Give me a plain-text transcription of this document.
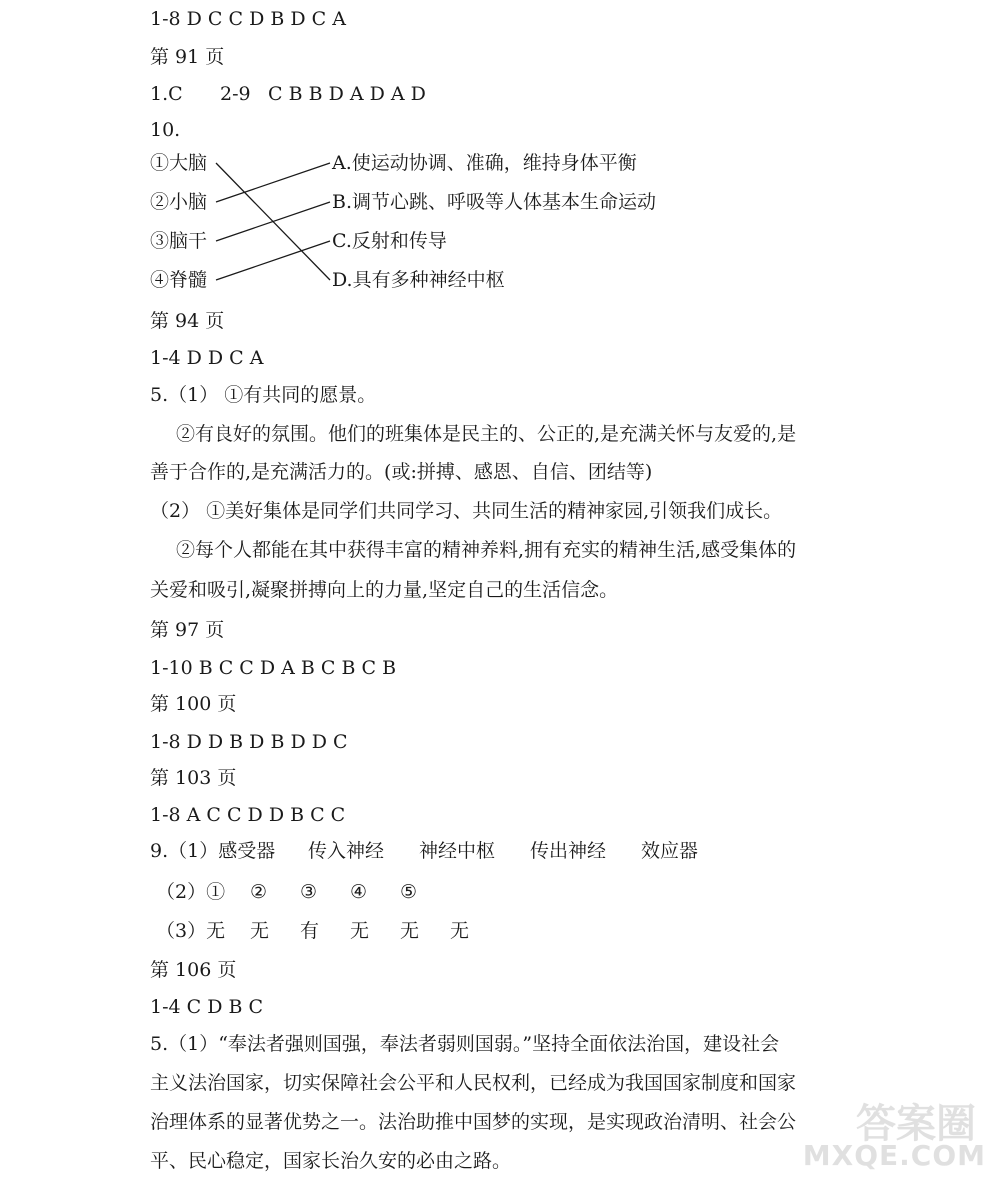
1-8 D C C D B D C A
第 91 页
1.C 2-9 C B B D A D A D
10.
①大脑
②小脑
③脑干
④脊髓
A.使运动协调、准确，维持身体平衡
B.调节心跳、呼吸等人体基本生命运动
C.反射和传导
D.具有多种神经中枢
第 94 页
1-4 D D C A
5.（1） ①有共同的愿景。
②有良好的氛围。他们的班集体是民主的、公正的,是充满关怀与友爱的,是
善于合作的,是充满活力的。(或:拼搏、感恩、自信、团结等)
（2） ①美好集体是同学们共同学习、共同生活的精神家园,引领我们成长。
②每个人都能在其中获得丰富的精神养料,拥有充实的精神生活,感受集体的
关爱和吸引,凝聚拼搏向上的力量,坚定自己的生活信念。
第 97 页
1-10 B C C D A B C B C B
第 100 页
1-8 D D B D B D D C
第 103 页
1-8 A C C D D B C C
9.（1）感受器 传入神经 神经中枢 传出神经 效应器
（2）① ② ③ ④ ⑤
（3）无 无 有 无 无 无
第 106 页
1-4 C D B C
5.（1）“奉法者强则国强，奉法者弱则国弱。”坚持全面依法治国，建设社会
主义法治国家，切实保障社会公平和人民权利，已经成为我国国家制度和国家
治理体系的显著优势之一。法治助推中国梦的实现，是实现政治清明、社会公
平、民心稳定，国家长治久安的必由之路。
答案圈
MXQE.COM
